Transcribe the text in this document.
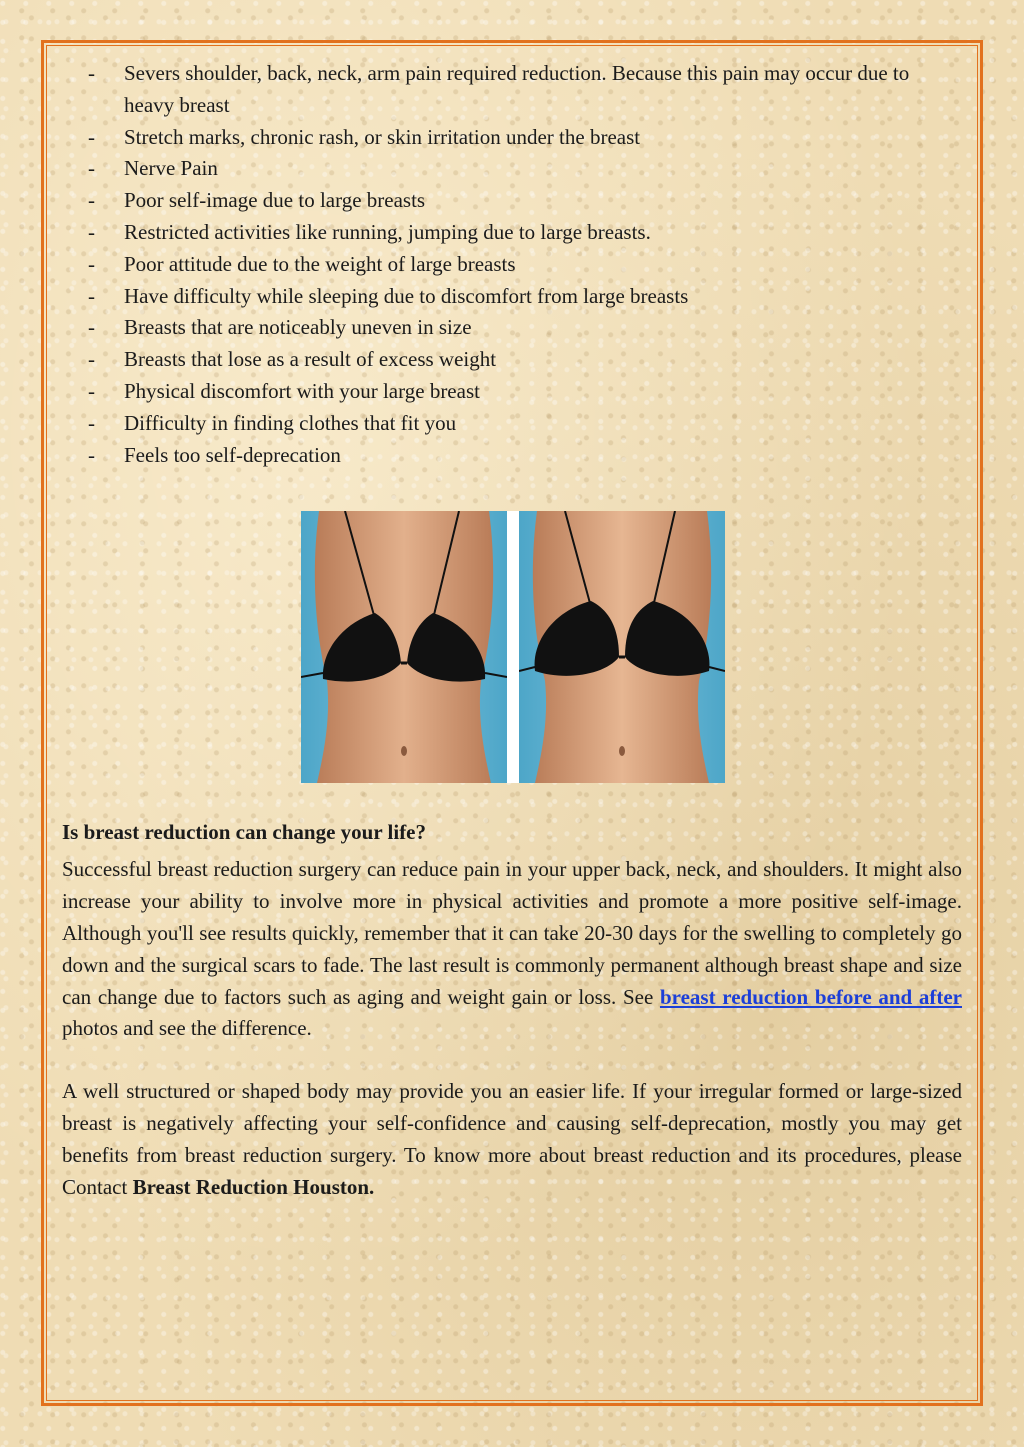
- Severs shoulder, back, neck, arm pain required reduction. Because this pain may occur due to heavy breast
- Stretch marks, chronic rash, or skin irritation under the breast
- Nerve Pain
- Poor self-image due to large breasts
- Restricted activities like running, jumping due to large breasts.
- Poor attitude due to the weight of large breasts
- Have difficulty while sleeping due to discomfort from large breasts
- Breasts that are noticeably uneven in size
- Breasts that lose as a result of excess weight
- Physical discomfort with your large breast
- Difficulty in finding clothes that fit you
- Feels too self-deprecation
Is breast reduction can change your life?

Successful breast reduction surgery can reduce pain in your upper back, neck, and shoulders. It might also increase your ability to involve more in physical activities and promote a more positive self-image. Although you'll see results quickly, remember that it can take 20-30 days for the swelling to completely go down and the surgical scars to fade. The last result is commonly permanent although breast shape and size can change due to factors such as aging and weight gain or loss. See breast reduction before and after photos and see the difference.

A well structured or shaped body may provide you an easier life. If your irregular formed or large-sized breast is negatively affecting your self-confidence and causing self-deprecation, mostly you may get benefits from breast reduction surgery. To know more about breast reduction and its procedures, please Contact Breast Reduction Houston.
